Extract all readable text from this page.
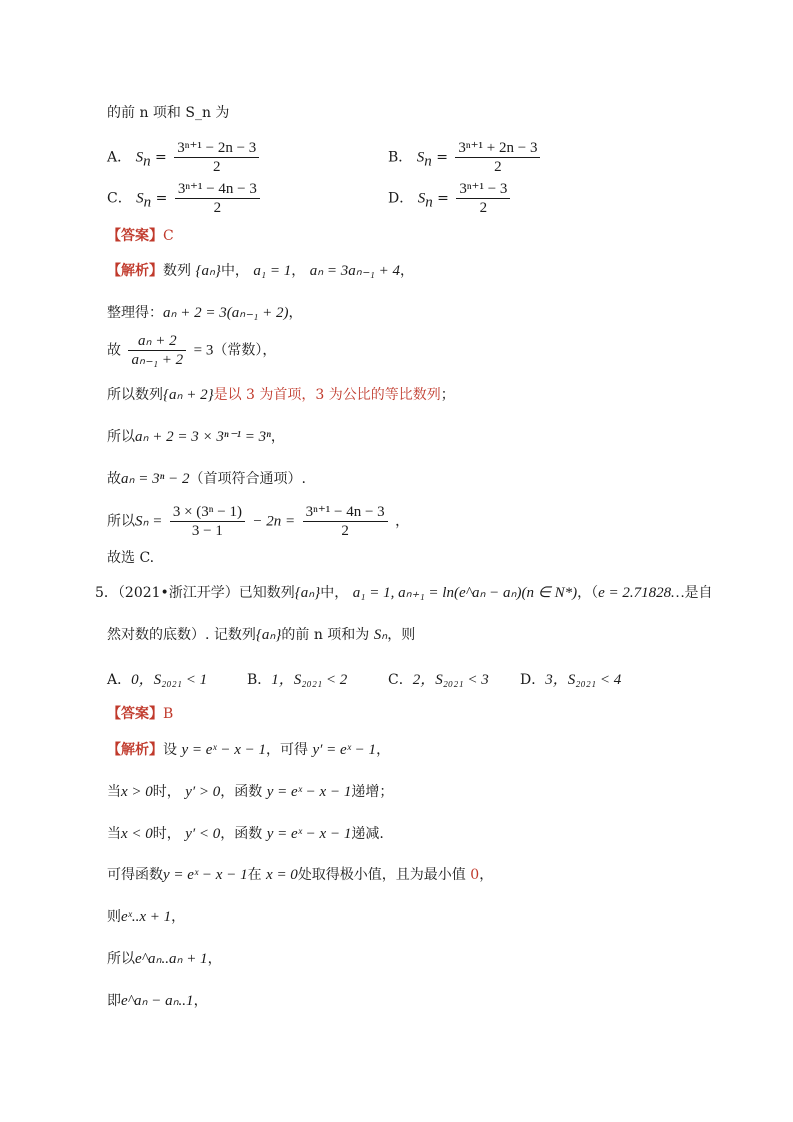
的前 n 项和 S_n 为
A． $S_n = \frac{\text{3ⁿ⁺¹ − 2n − 3}}{2}$	B． $S_n = \frac{\text{3ⁿ⁺¹ + 2n − 3}}{2}$
C． $S_n = \frac{\text{3ⁿ⁺¹ − 4n − 3}}{2}$	D． $S_n = \frac{\text{3ⁿ⁺¹ − 3}}{2}$
【答案】C
【解析】数列 {aₙ}中， a₁ = 1， aₙ = 3aₙ₋₁ + 4，
整理得：aₙ + 2 = 3(aₙ₋₁ + 2)，
故 $\frac{\text{aₙ + 2}}{\text{aₙ₋₁ + 2}} = 3$（常数），
所以数列{aₙ + 2}是以 3 为首项，3 为公比的等比数列；
所以aₙ + 2 = 3 × 3ⁿ⁻¹ = 3ⁿ，
故aₙ = 3ⁿ − 2（首项符合通项）.
所以$S_n = \frac{\text{3 × (3ⁿ − 1)}}{3 - 1} - 2n = \frac{\text{3ⁿ⁺¹ − 4n − 3}}{2}$ ，
故选 C.
5．（2021•浙江开学）已知数列{aₙ}中， a₁ = 1, aₙ₊₁ = ln(e^aₙ − aₙ)(n ∈ N*)，（e = 2.71828…是自
然对数的底数）. 记数列{aₙ}的前 n 项和为 Sₙ，则
A．0，S₂₀₂₁ < 1	B．1，S₂₀₂₁ < 2	C．2，S₂₀₂₁ < 3 D．3，S₂₀₂₁ < 4
【答案】B
【解析】设 y = eˣ − x − 1，可得 y′ = eˣ − 1，
当x > 0时， y′ > 0，函数 y = eˣ − x − 1递增；
当x < 0时， y′ < 0，函数 y = eˣ − x − 1递减.
可得函数y = eˣ − x − 1在 x = 0处取得极小值，且为最小值 0，
则eˣ..x + 1，
所以e^aₙ..aₙ + 1，
即e^aₙ − aₙ..1，
